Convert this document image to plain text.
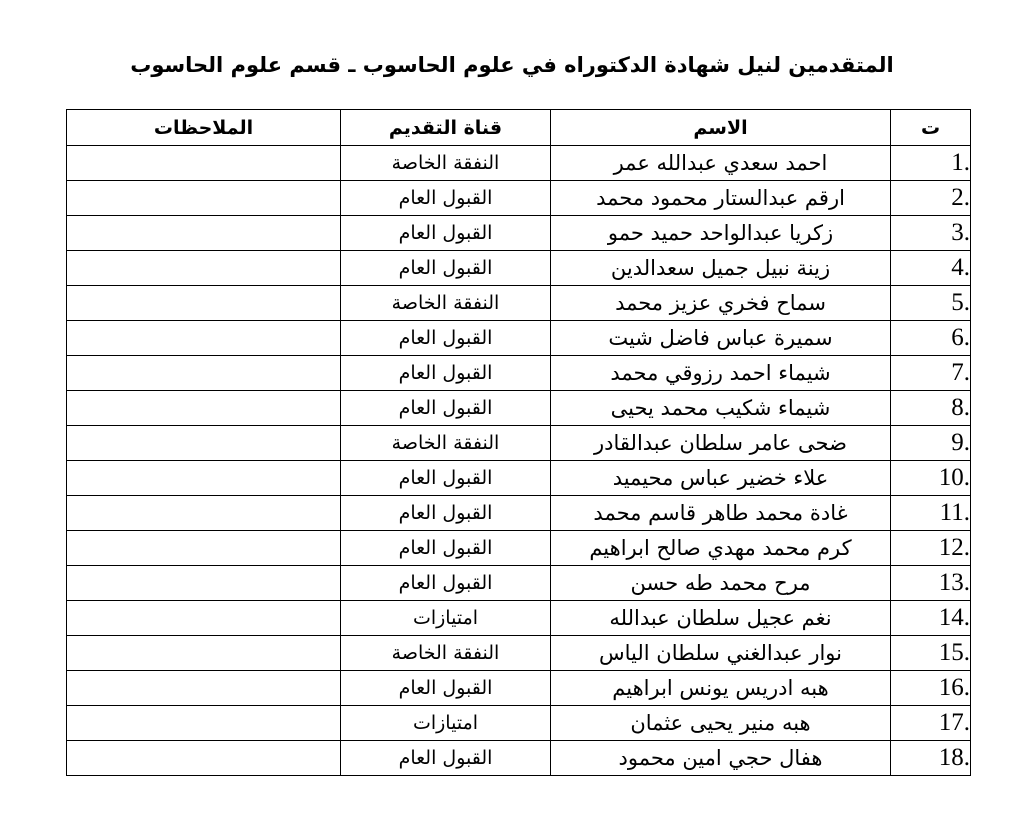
المتقدمين لنيل شهادة الدكتوراه في علوم الحاسوب ـ قسم علوم الحاسوب
ت	الاسم	قناة التقديم	الملاحظات
1.	احمد سعدي عبدالله عمر	النفقة الخاصة	
2.	ارقم عبدالستار محمود محمد	القبول العام	
3.	زكريا عبدالواحد حميد حمو	القبول العام	
4.	زينة نبيل جميل سعدالدين	القبول العام	
5.	سماح فخري عزيز محمد	النفقة الخاصة	
6.	سميرة عباس فاضل شيت	القبول العام	
7.	شيماء احمد رزوقي محمد	القبول العام	
8.	شيماء شكيب محمد يحيى	القبول العام	
9.	ضحى عامر سلطان عبدالقادر	النفقة الخاصة	
10.	علاء خضير عباس محيميد	القبول العام	
11.	غادة محمد طاهر قاسم محمد	القبول العام	
12.	كرم محمد مهدي صالح ابراهيم	القبول العام	
13.	مرح محمد طه حسن	القبول العام	
14.	نغم عجيل سلطان عبدالله	امتيازات	
15.	نوار عبدالغني سلطان الياس	النفقة الخاصة	
16.	هبه ادريس يونس ابراهيم	القبول العام	
17.	هبه منير يحيى عثمان	امتيازات	
18.	هفال حجي امين محمود	القبول العام	
